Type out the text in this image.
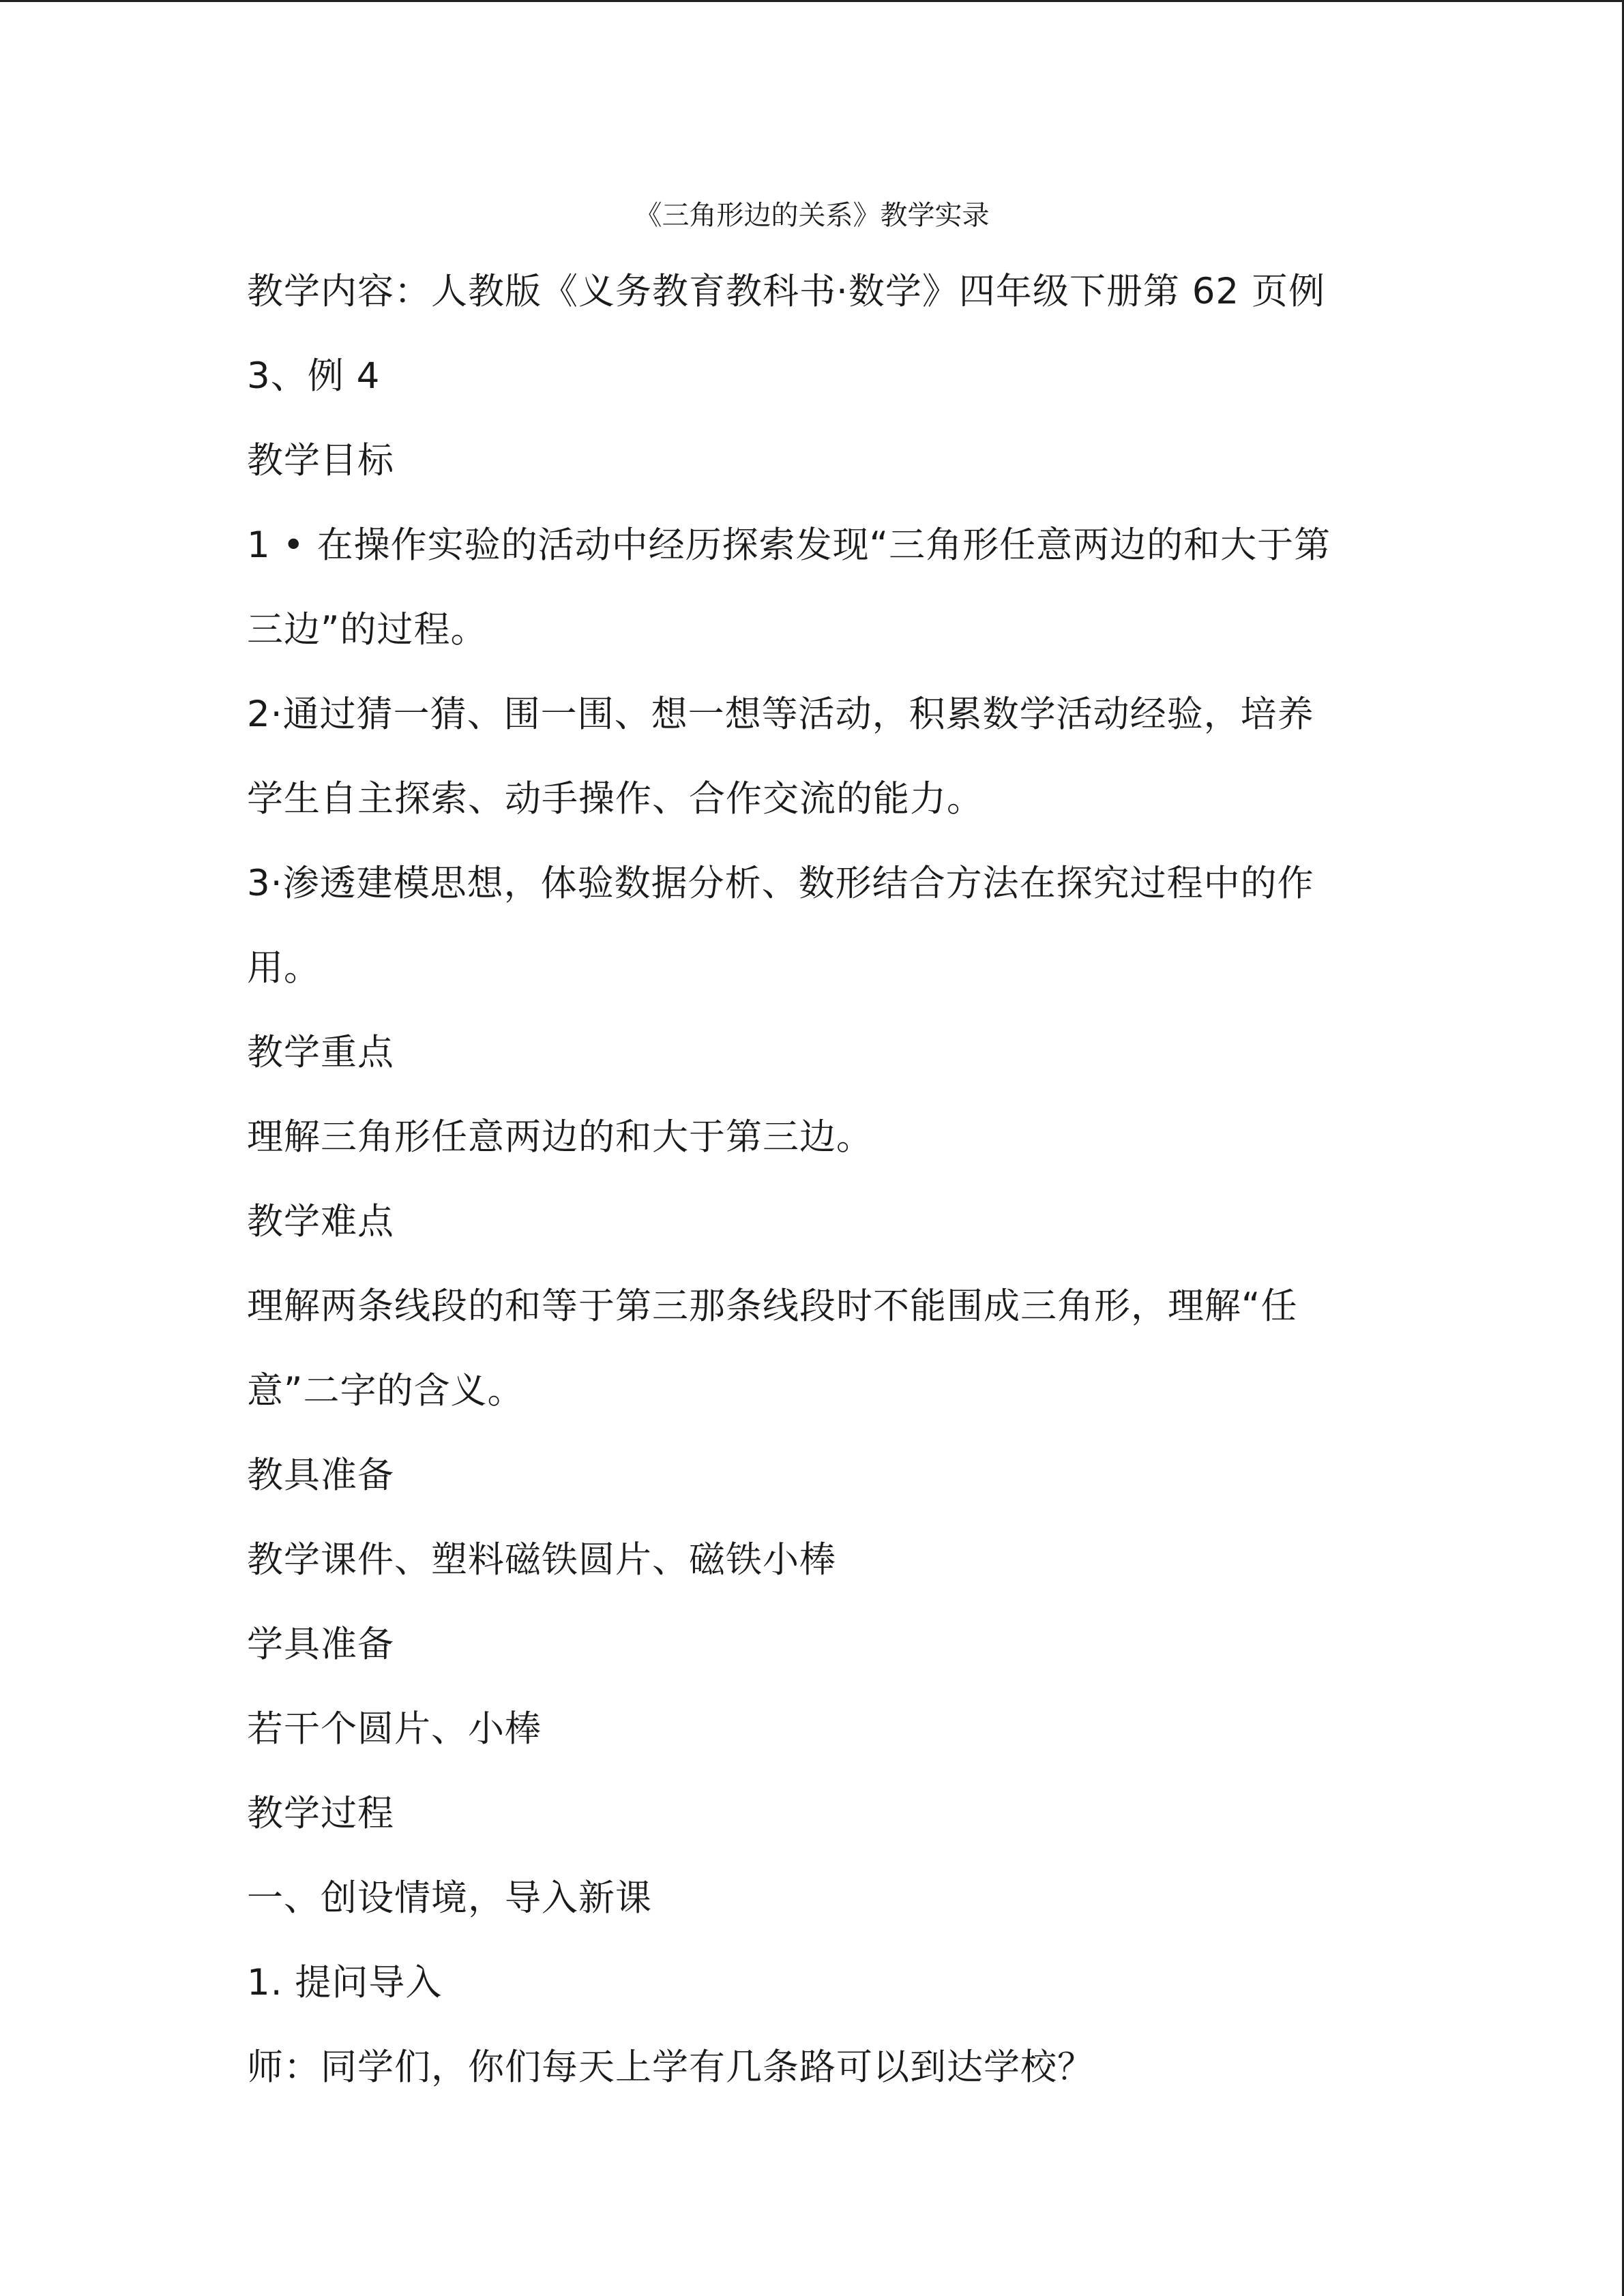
《三角形边的关系》教学实录
教学内容：人教版《义务教育教科书·数学》四年级下册第 62 页例
3、例 4
教学目标
1 • 在操作实验的活动中经历探索发现“三角形任意两边的和大于第
三边”的过程。
2·通过猜一猜、围一围、想一想等活动，积累数学活动经验，培养
学生自主探索、动手操作、合作交流的能力。
3·渗透建模思想，体验数据分析、数形结合方法在探究过程中的作
用。
教学重点
理解三角形任意两边的和大于第三边。
教学难点
理解两条线段的和等于第三那条线段时不能围成三角形，理解“任
意”二字的含义。
教具准备
教学课件、塑料磁铁圆片、磁铁小棒
学具准备
若干个圆片、小棒
教学过程
一、创设情境，导入新课
1. 提问导入
师：同学们，你们每天上学有几条路可以到达学校？
